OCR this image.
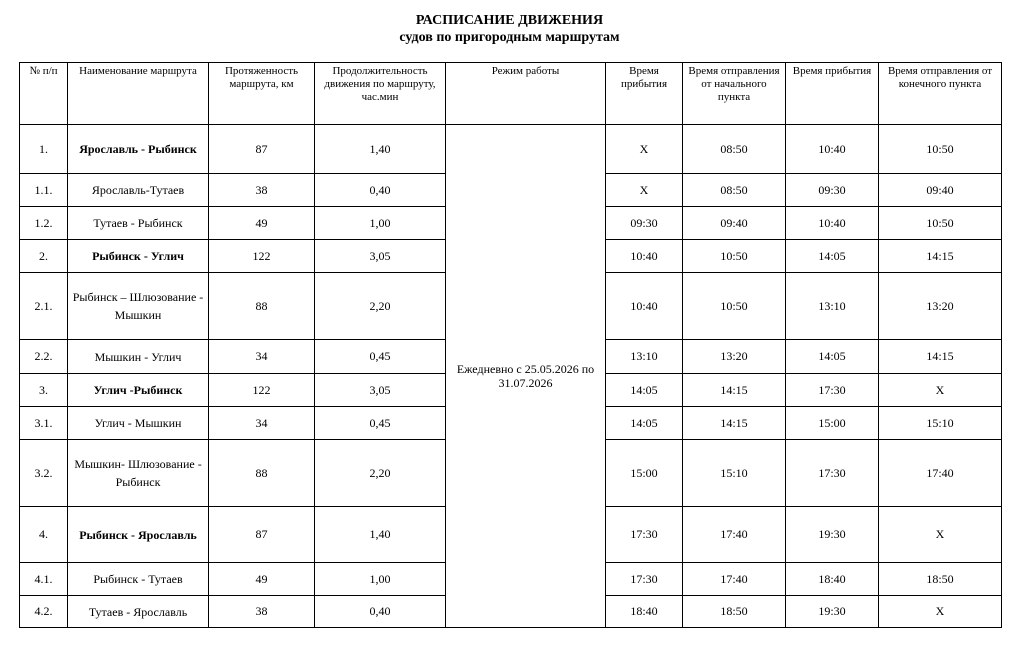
РАСПИСАНИЕ ДВИЖЕНИЯ
судов по пригородным маршрутам
№ п/п	Наименование маршрута	Протяженность маршрута, км	Продолжительность движения по маршруту, час.мин	Режим работы	Время прибытия	Время отправления от начального пункта	Время прибытия	Время отправления от конечного пункта
1.	Ярославль - Рыбинск	87	1,40	Ежедневно с 25.05.2026 по 31.07.2026	Х	08:50	10:40	10:50
1.1.	Ярославль-Тутаев	38	0,40		Х	08:50	09:30	09:40
1.2.	Тутаев - Рыбинск	49	1,00		09:30	09:40	10:40	10:50
2.	Рыбинск - Углич	122	3,05		10:40	10:50	14:05	14:15
2.1.	Рыбинск – Шлюзование - Мышкин	88	2,20		10:40	10:50	13:10	13:20
2.2.	Мышкин - Углич	34	0,45		13:10	13:20	14:05	14:15
3.	Углич -Рыбинск	122	3,05		14:05	14:15	17:30	Х
3.1.	Углич - Мышкин	34	0,45		14:05	14:15	15:00	15:10
3.2.	Мышкин- Шлюзование - Рыбинск	88	2,20		15:00	15:10	17:30	17:40
4.	Рыбинск - Ярославль	87	1,40		17:30	17:40	19:30	Х
4.1.	Рыбинск - Тутаев	49	1,00		17:30	17:40	18:40	18:50
4.2.	Тутаев - Ярославль	38	0,40		18:40	18:50	19:30	Х
